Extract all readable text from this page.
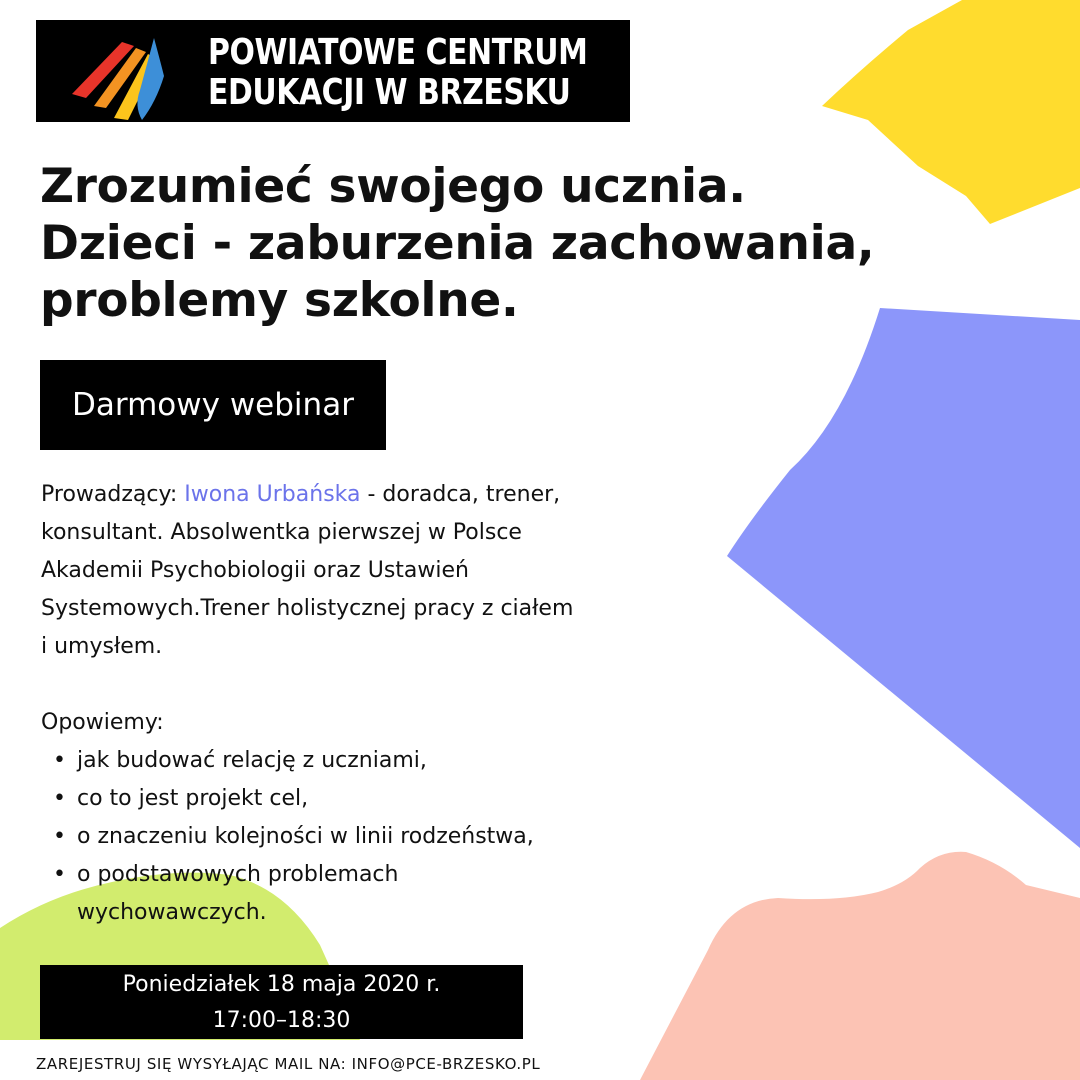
POWIATOWE CENTRUM
EDUKACJI W BRZESKU
Zrozumieć swojego ucznia.
Dzieci - zaburzenia zachowania,
problemy szkolne.
Darmowy webinar
Prowadzący: Iwona Urbańska - doradca, trener,
konsultant. Absolwentka pierwszej w Polsce
Akademii Psychobiologii oraz Ustawień
Systemowych.Trener holistycznej pracy z ciałem
i umysłem.
Opowiemy:
• jak budować relację z uczniami,
• co to jest projekt cel,
• o znaczeniu kolejności w linii rodzeństwa,
• o podstawowych problemach
wychowawczych.
Poniedziałek 18 maja 2020 r.
17:00–18:30
ZAREJESTRUJ SIĘ WYSYŁAJĄC MAIL NA: INFO@PCE-BRZESKO.PL
